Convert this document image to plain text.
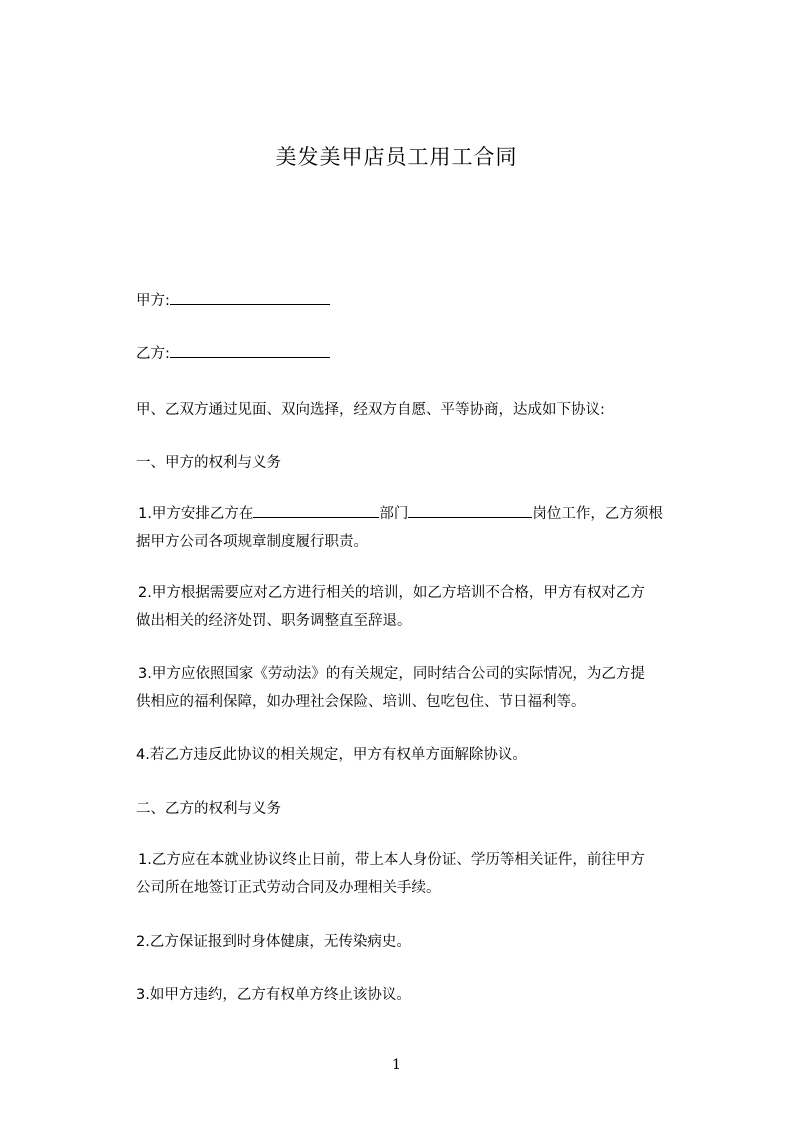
美发美甲店员工用工合同
甲方:
乙方:
甲、乙双方通过见面、双向选择，经双方自愿、平等协商，达成如下协议:
一、甲方的权利与义务
1.甲方安排乙方在	部门	岗位工作，乙方须根
据甲方公司各项规章制度履行职责。
2.甲方根据需要应对乙方进行相关的培训，如乙方培训不合格，甲方有权对乙方
做出相关的经济处罚、职务调整直至辞退。
3.甲方应依照国家《劳动法》的有关规定，同时结合公司的实际情况，为乙方提
供相应的福利保障，如办理社会保险、培训、包吃包住、节日福利等。
4.若乙方违反此协议的相关规定，甲方有权单方面解除协议。
二、乙方的权利与义务
1.乙方应在本就业协议终止日前，带上本人身份证、学历等相关证件，前往甲方
公司所在地签订正式劳动合同及办理相关手续。
2.乙方保证报到时身体健康，无传染病史。
3.如甲方违约，乙方有权单方终止该协议。
1
